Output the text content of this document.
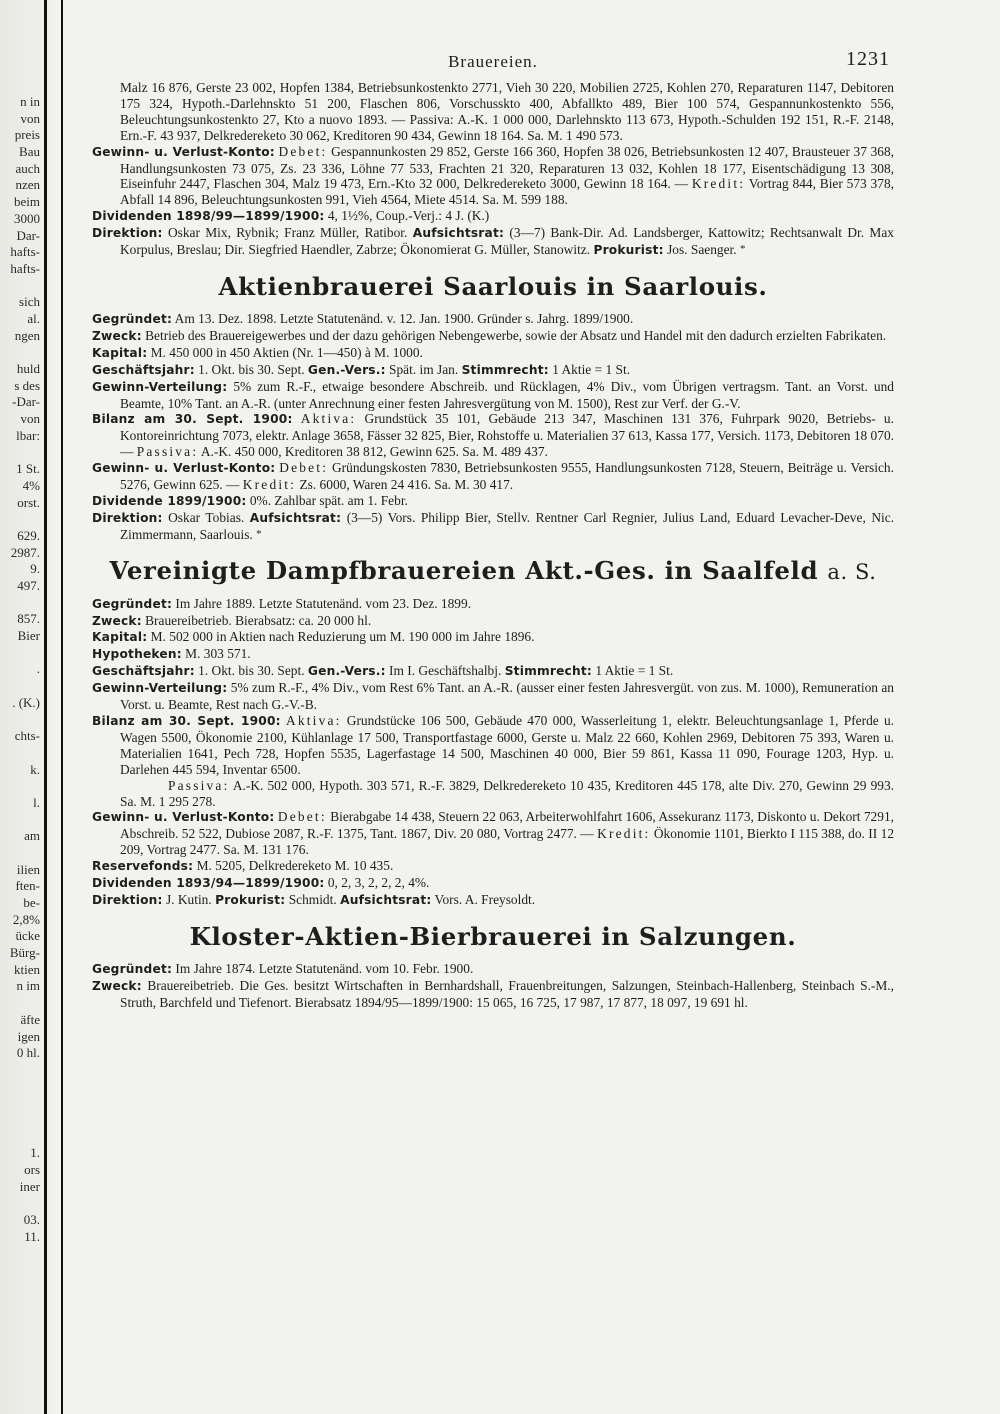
n in
von
preis
Bau
auch
nzen
beim
3000
Dar-
hafts-
hafts-
sich
al.
ngen
huld
s des
-Dar-
von
lbar:
1 St.
4%
orst.
629.
2987.
9.
497.
857.
Bier
.
. (K.)
chts-
k.
l.
am
ilien
ften-
be-
2,8%
ücke
Bürg-
ktien
n im
äfte
igen
0 hl.
1.
ors
iner
03.
11.
Brauereien.	1231

Malz 16 876, Gerste 23 002, Hopfen 1384, Betriebsunkostenkto 2771, Vieh 30 220, Mobilien 2725, Kohlen 270, Reparaturen 1147, Debitoren 175 324, Hypoth.-Darlehnskto 51 200, Flaschen 806, Vorschusskto 400, Abfallkto 489, Bier 100 574, Gespannunkostenkto 556, Beleuchtungsunkostenkto 27, Kto a nuovo 1893. — Passiva: A.-K. 1 000 000, Darlehnskto 113 673, Hypoth.-Schulden 192 151, R.-F. 2148, Ern.-F. 43 937, Delkredereketo 30 062, Kreditoren 90 434, Gewinn 18 164. Sa. M. 1 490 573.

Gewinn- u. Verlust-Konto: Debet: Gespannunkosten 29 852, Gerste 166 360, Hopfen 38 026, Betriebsunkosten 12 407, Brausteuer 37 368, Handlungsunkosten 73 075, Zs. 23 336, Löhne 77 533, Frachten 21 320, Reparaturen 13 032, Kohlen 18 177, Eisentschädigung 13 308, Eiseinfuhr 2447, Flaschen 304, Malz 19 473, Ern.-Kto 32 000, Delkredereketo 3000, Gewinn 18 164. — Kredit: Vortrag 844, Bier 573 378, Abfall 14 896, Beleuchtungsunkosten 991, Vieh 4564, Miete 4514. Sa. M. 599 188.

Dividenden 1898/99—1899/1900: 4, 1½%, Coup.-Verj.: 4 J. (K.)

Direktion: Oskar Mix, Rybnik; Franz Müller, Ratibor. Aufsichtsrat: (3—7) Bank-Dir. Ad. Landsberger, Kattowitz; Rechtsanwalt Dr. Max Korpulus, Breslau; Dir. Siegfried Haendler, Zabrze; Ökonomierat G. Müller, Stanowitz. Prokurist: Jos. Saenger. *

Aktienbrauerei Saarlouis in Saarlouis.

Gegründet: Am 13. Dez. 1898. Letzte Statutenänd. v. 12. Jan. 1900. Gründer s. Jahrg. 1899/1900.

Zweck: Betrieb des Brauereigewerbes und der dazu gehörigen Nebengewerbe, sowie der Absatz und Handel mit den dadurch erzielten Fabrikaten.

Kapital: M. 450 000 in 450 Aktien (Nr. 1—450) à M. 1000.

Geschäftsjahr: 1. Okt. bis 30. Sept. Gen.-Vers.: Spät. im Jan. Stimmrecht: 1 Aktie = 1 St.

Gewinn-Verteilung: 5% zum R.-F., etwaige besondere Abschreib. und Rücklagen, 4% Div., vom Übrigen vertragsm. Tant. an Vorst. und Beamte, 10% Tant. an A.-R. (unter Anrechnung einer festen Jahresvergütung von M. 1500), Rest zur Verf. der G.-V.

Bilanz am 30. Sept. 1900: Aktiva: Grundstück 35 101, Gebäude 213 347, Maschinen 131 376, Fuhrpark 9020, Betriebs- u. Kontoreinrichtung 7073, elektr. Anlage 3658, Fässer 32 825, Bier, Rohstoffe u. Materialien 37 613, Kassa 177, Versich. 1173, Debitoren 18 070. — Passiva: A.-K. 450 000, Kreditoren 38 812, Gewinn 625. Sa. M. 489 437.

Gewinn- u. Verlust-Konto: Debet: Gründungskosten 7830, Betriebsunkosten 9555, Handlungsunkosten 7128, Steuern, Beiträge u. Versich. 5276, Gewinn 625. — Kredit: Zs. 6000, Waren 24 416. Sa. M. 30 417.

Dividende 1899/1900: 0%. Zahlbar spät. am 1. Febr.

Direktion: Oskar Tobias. Aufsichtsrat: (3—5) Vors. Philipp Bier, Stellv. Rentner Carl Regnier, Julius Land, Eduard Levacher-Deve, Nic. Zimmermann, Saarlouis. *

Vereinigte Dampfbrauereien Akt.-Ges. in Saalfeld a. S.

Gegründet: Im Jahre 1889. Letzte Statutenänd. vom 23. Dez. 1899.

Zweck: Brauereibetrieb. Bierabsatz: ca. 20 000 hl.

Kapital: M. 502 000 in Aktien nach Reduzierung um M. 190 000 im Jahre 1896.

Hypotheken: M. 303 571.

Geschäftsjahr: 1. Okt. bis 30. Sept. Gen.-Vers.: Im I. Geschäftshalbj. Stimmrecht: 1 Aktie = 1 St.

Gewinn-Verteilung: 5% zum R.-F., 4% Div., vom Rest 6% Tant. an A.-R. (ausser einer festen Jahresvergüt. von zus. M. 1000), Remuneration an Vorst. u. Beamte, Rest nach G.-V.-B.

Bilanz am 30. Sept. 1900: Aktiva: Grundstücke 106 500, Gebäude 470 000, Wasserleitung 1, elektr. Beleuchtungsanlage 1, Pferde u. Wagen 5500, Ökonomie 2100, Kühlanlage 17 500, Transportfastage 6000, Gerste u. Malz 22 660, Kohlen 2969, Debitoren 75 393, Waren u. Materialien 1641, Pech 728, Hopfen 5535, Lagerfastage 14 500, Maschinen 40 000, Bier 59 861, Kassa 11 090, Fourage 1203, Hyp. u. Darlehen 445 594, Inventar 6500.

Passiva: A.-K. 502 000, Hypoth. 303 571, R.-F. 3829, Delkredereketo 10 435, Kreditoren 445 178, alte Div. 270, Gewinn 29 993. Sa. M. 1 295 278.

Gewinn- u. Verlust-Konto: Debet: Bierabgabe 14 438, Steuern 22 063, Arbeiterwohlfahrt 1606, Assekuranz 1173, Diskonto u. Dekort 7291, Abschreib. 52 522, Dubiose 2087, R.-F. 1375, Tant. 1867, Div. 20 080, Vortrag 2477. — Kredit: Ökonomie 1101, Bierkto I 115 388, do. II 12 209, Vortrag 2477. Sa. M. 131 176.

Reservefonds: M. 5205, Delkredereketo M. 10 435.

Dividenden 1893/94—1899/1900: 0, 2, 3, 2, 2, 2, 4%.

Direktion: J. Kutin. Prokurist: Schmidt. Aufsichtsrat: Vors. A. Freysoldt.

Kloster-Aktien-Bierbrauerei in Salzungen.

Gegründet: Im Jahre 1874. Letzte Statutenänd. vom 10. Febr. 1900.

Zweck: Brauereibetrieb. Die Ges. besitzt Wirtschaften in Bernhardshall, Frauenbreitungen, Salzungen, Steinbach-Hallenberg, Steinbach S.-M., Struth, Barchfeld und Tiefenort. Bierabsatz 1894/95—1899/1900: 15 065, 16 725, 17 987, 17 877, 18 097, 19 691 hl.
